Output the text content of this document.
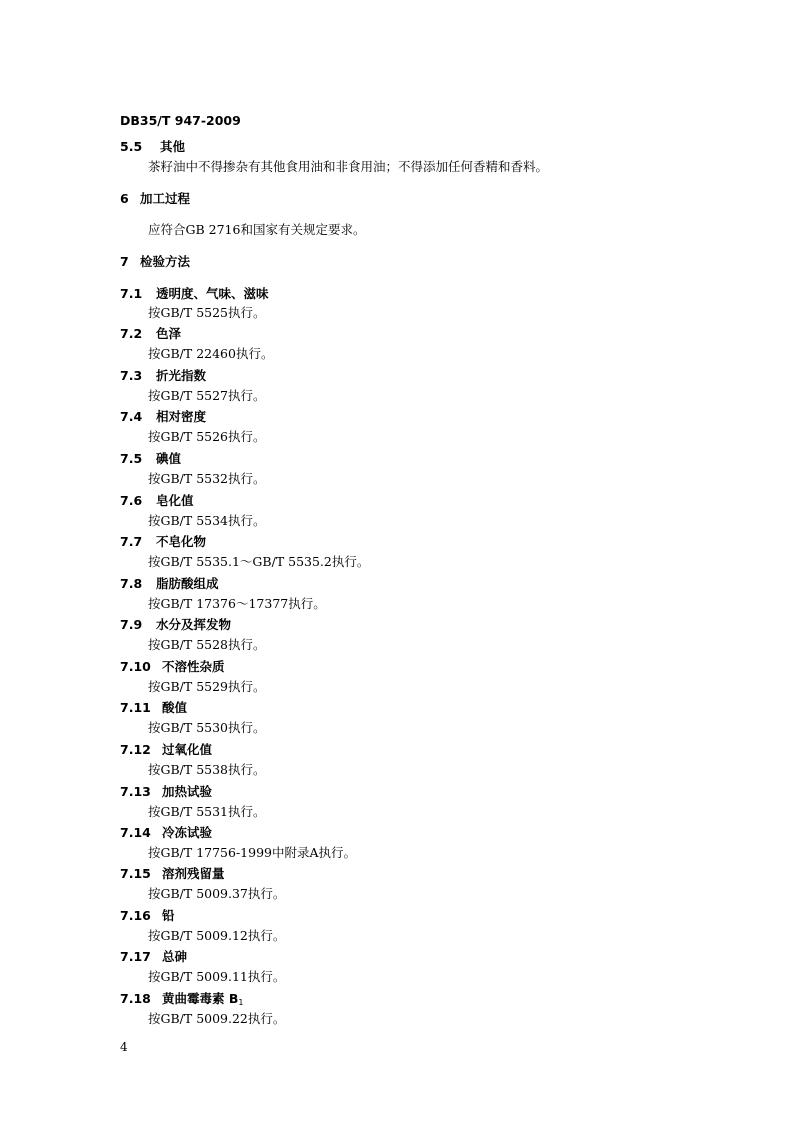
DB35/T 947-2009
5.5 其他
茶籽油中不得掺杂有其他食用油和非食用油；不得添加任何香精和香料。
6 加工过程
应符合GB 2716和国家有关规定要求。
7 检验方法
7.1 透明度、气味、滋味
按GB/T 5525执行。
7.2 色泽
按GB/T 22460执行。
7.3 折光指数
按GB/T 5527执行。
7.4 相对密度
按GB/T 5526执行。
7.5 碘值
按GB/T 5532执行。
7.6 皂化值
按GB/T 5534执行。
7.7 不皂化物
按GB/T 5535.1～GB/T 5535.2执行。
7.8 脂肪酸组成
按GB/T 17376～17377执行。
7.9 水分及挥发物
按GB/T 5528执行。
7.10 不溶性杂质
按GB/T 5529执行。
7.11 酸值
按GB/T 5530执行。
7.12 过氧化值
按GB/T 5538执行。
7.13 加热试验
按GB/T 5531执行。
7.14 冷冻试验
按GB/T 17756-1999中附录A执行。
7.15 溶剂残留量
按GB/T 5009.37执行。
7.16 铅
按GB/T 5009.12执行。
7.17 总砷
按GB/T 5009.11执行。
7.18 黄曲霉毒素 $B_1$
按GB/T 5009.22执行。
4
